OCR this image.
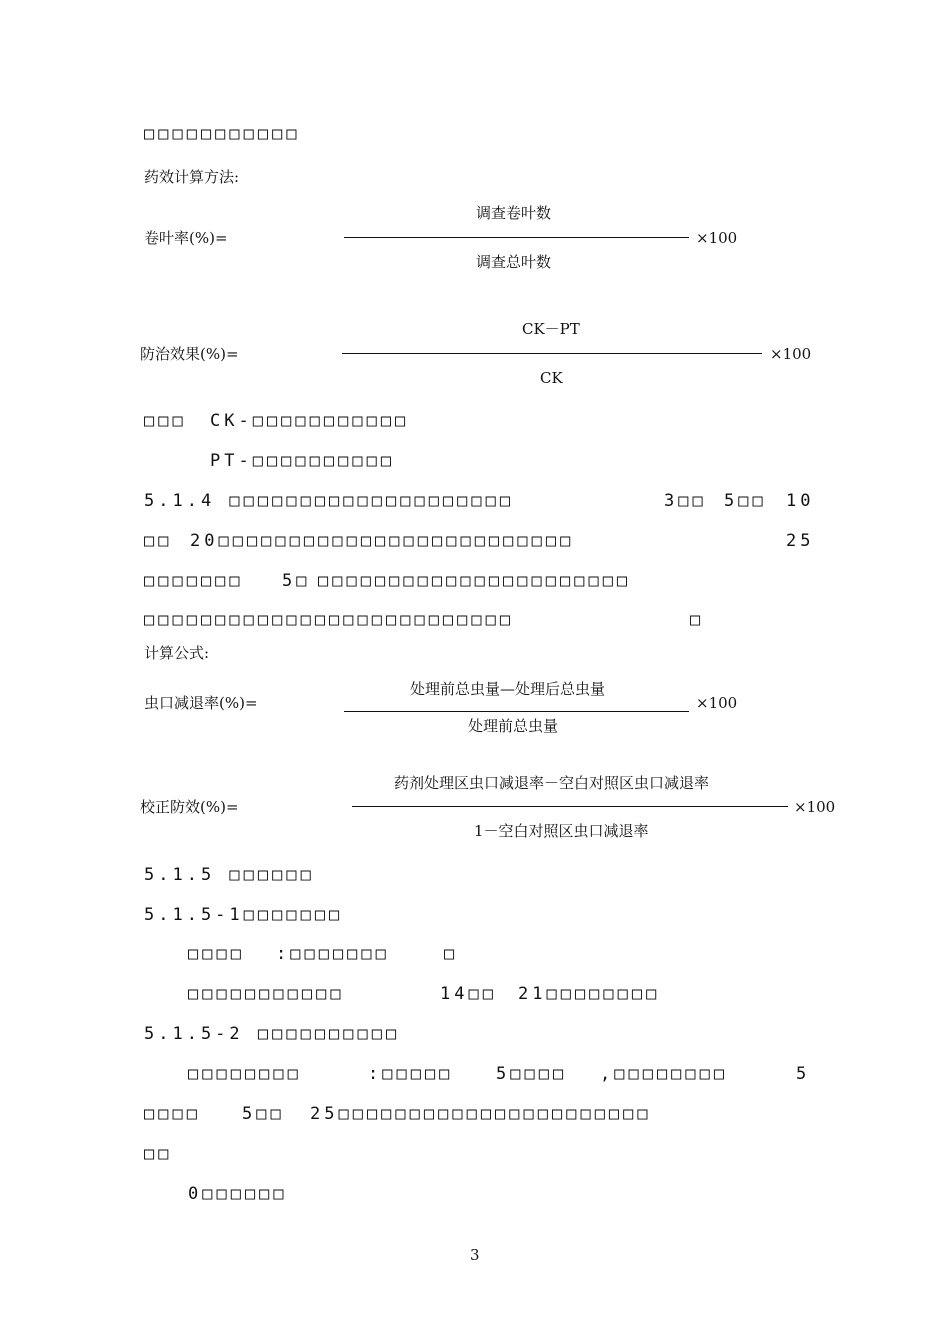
□□□□□□□□□□□
药效计算方法:
卷叶率(%)=
调查卷叶数
×100
调查总叶数
CK－PT
防治效果(%)=	×100
CK
□□□ CK-□□□□□□□□□□□
PT-□□□□□□□□□□
5.1.4 □□□□□□□□□□□□□□□□□□□□	3□□ 5□□ 10
□□ 20□□□□□□□□□□□□□□□□□□□□□□□□□	25
□□□□□□□ 5□ □□□□□□□□□□□□□□□□□□□□□□
□□□□□□□□□□□□□□□□□□□□□□□□□□	□
计算公式:
处理前总虫量—处理后总虫量
虫口减退率(%)=	×100
处理前总虫量
药剂处理区虫口减退率－空白对照区虫口减退率
校正防效(%)=	×100
1－空白对照区虫口减退率
5.1.5 □□□□□□
5.1.5-1□□□□□□□
□□□□ :□□□□□□□	□
□□□□□□□□□□□	14□□ 21□□□□□□□□
5.1.5-2 □□□□□□□□□□
□□□□□□□□	:□□□□□	5□□□□ ,□□□□□□□□	5
□□□□ 5□□ 25□□□□□□□□□□□□□□□□□□□□□□
□□
0□□□□□□
3
